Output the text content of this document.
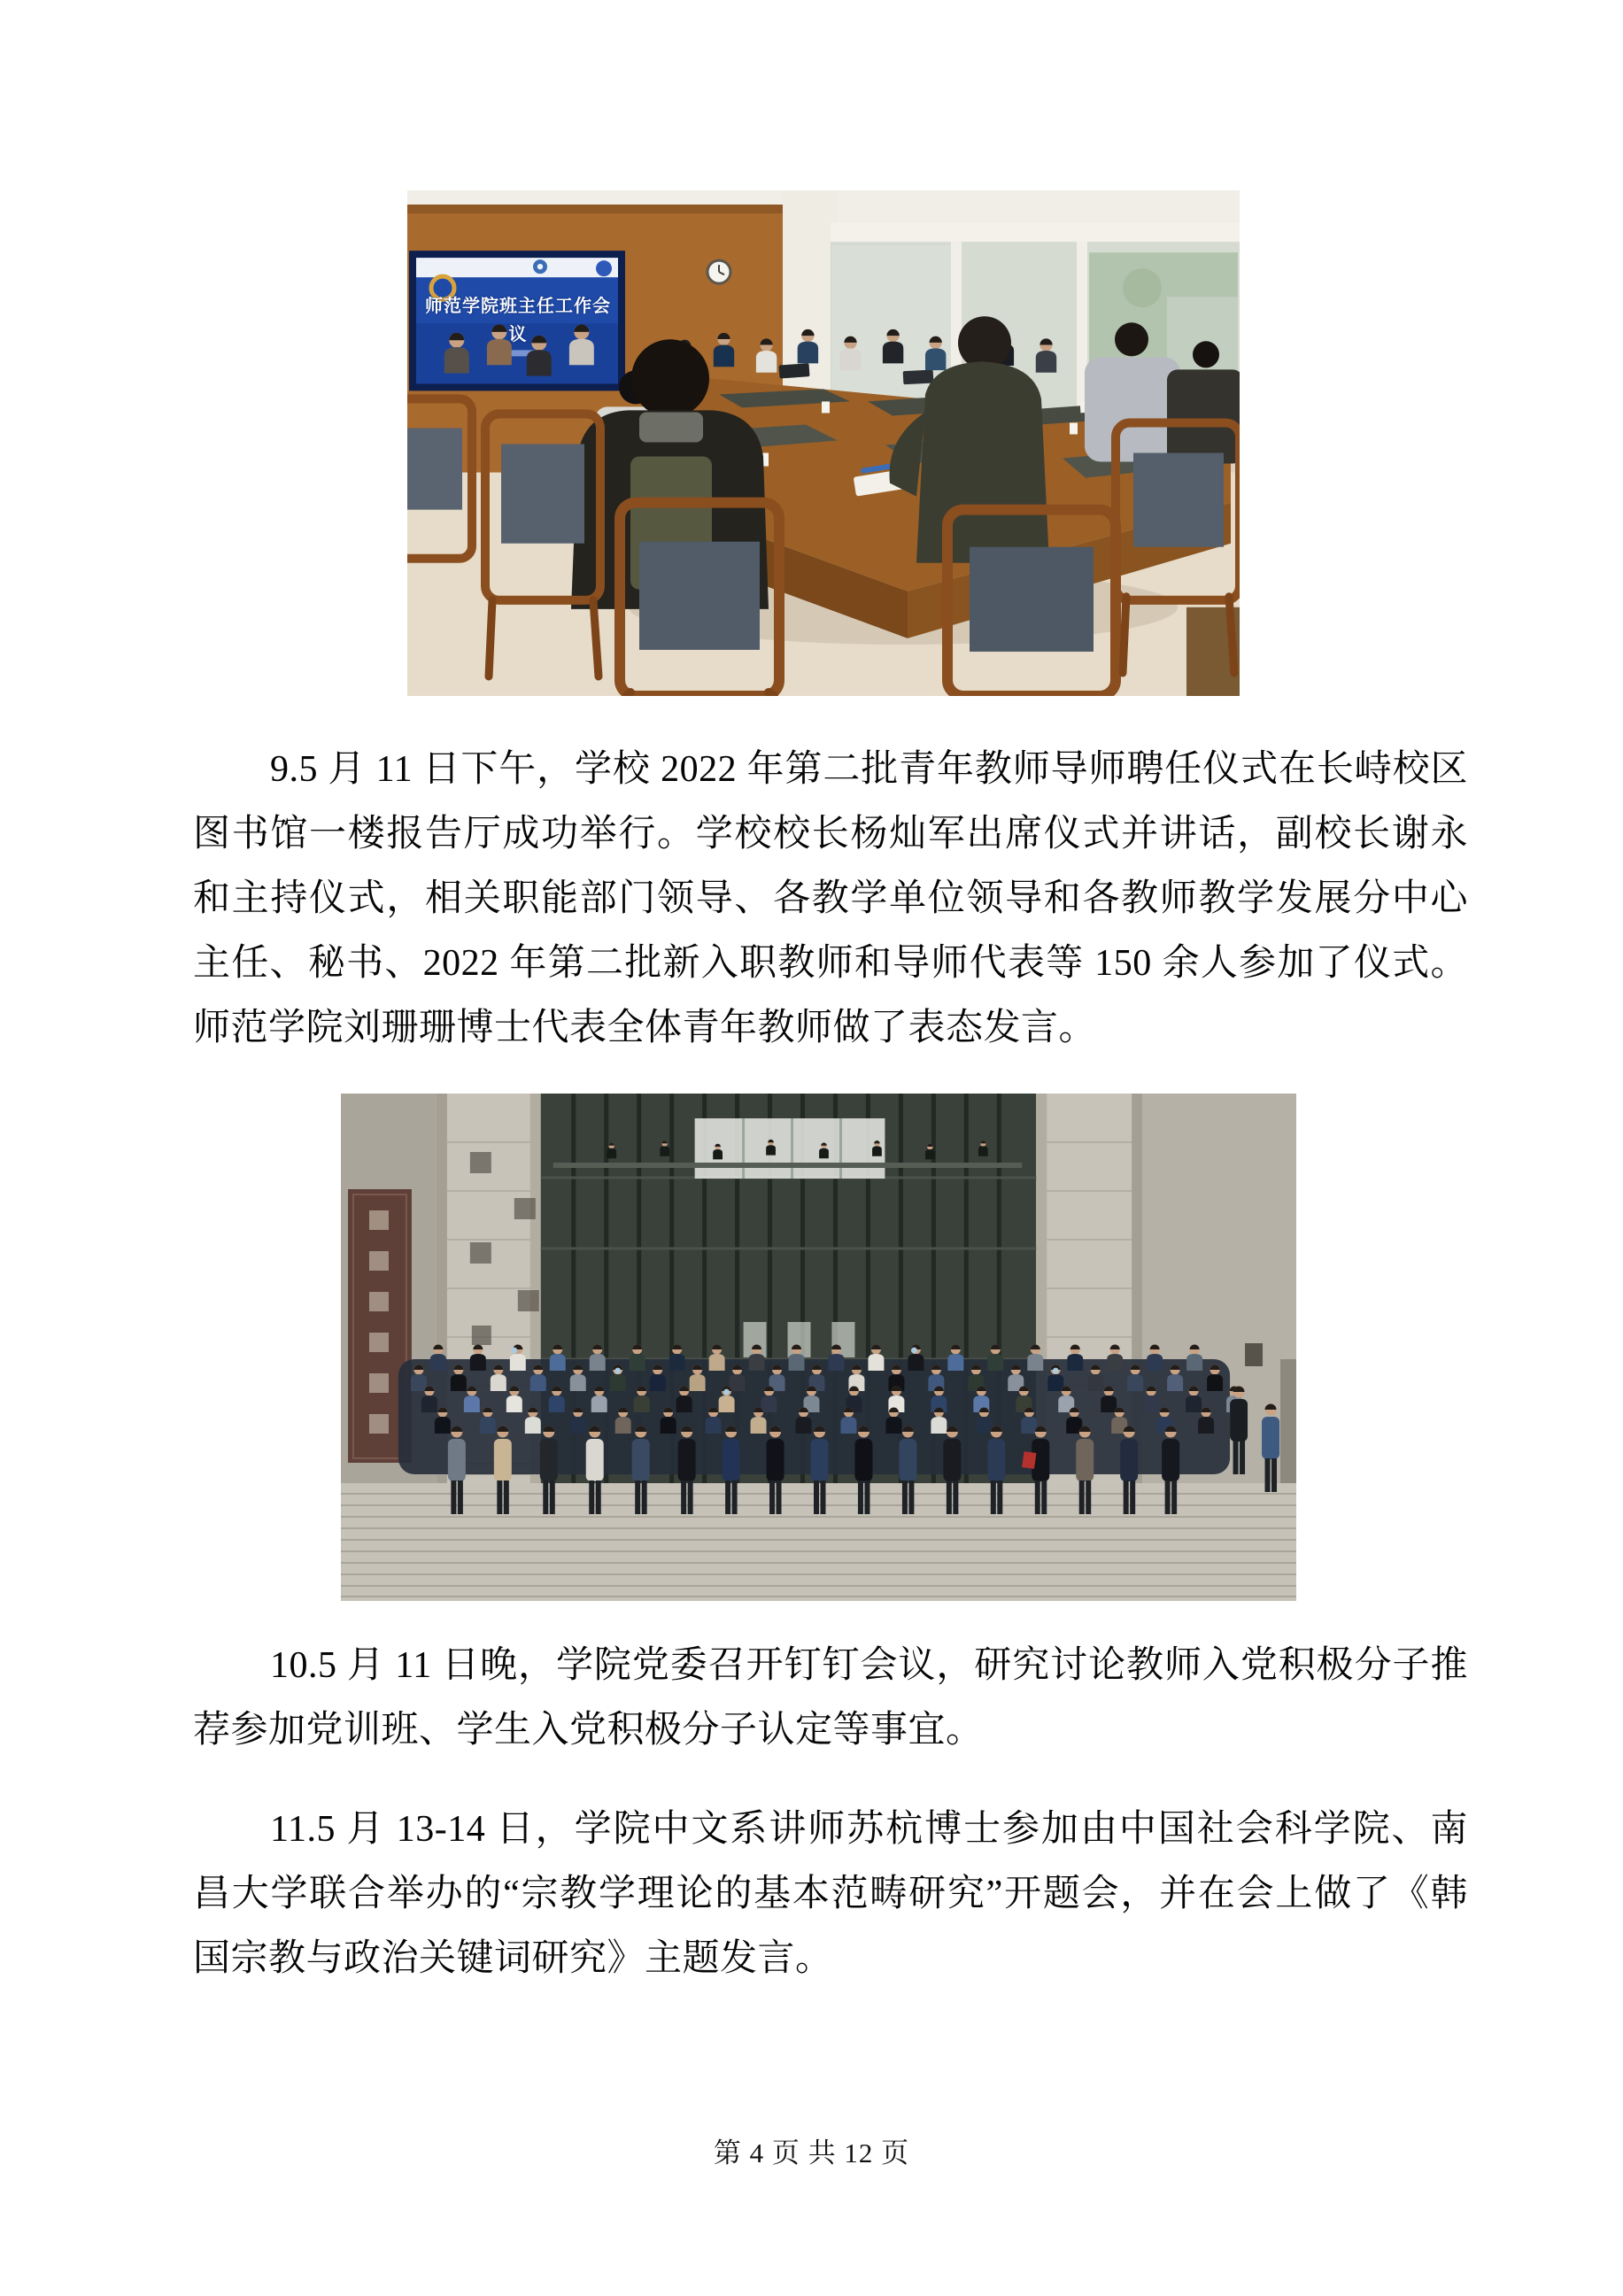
师范学院班主任工作会议

9.5 月 11 日下午，学校 2022 年第二批青年教师导师聘任仪式在长峙校区图书馆一楼报告厅成功举行。学校校长杨灿军出席仪式并讲话，副校长谢永和主持仪式，相关职能部门领导、各教学单位领导和各教师教学发展分中心主任、秘书、2022 年第二批新入职教师和导师代表等 150 余人参加了仪式。师范学院刘珊珊博士代表全体青年教师做了表态发言。

10.5 月 11 日晚，学院党委召开钉钉会议，研究讨论教师入党积极分子推荐参加党训班、学生入党积极分子认定等事宜。

11.5 月 13-14 日，学院中文系讲师苏杭博士参加由中国社会科学院、南昌大学联合举办的“宗教学理论的基本范畴研究”开题会，并在会上做了《韩国宗教与政治关键词研究》主题发言。

第 4 页 共 12 页
